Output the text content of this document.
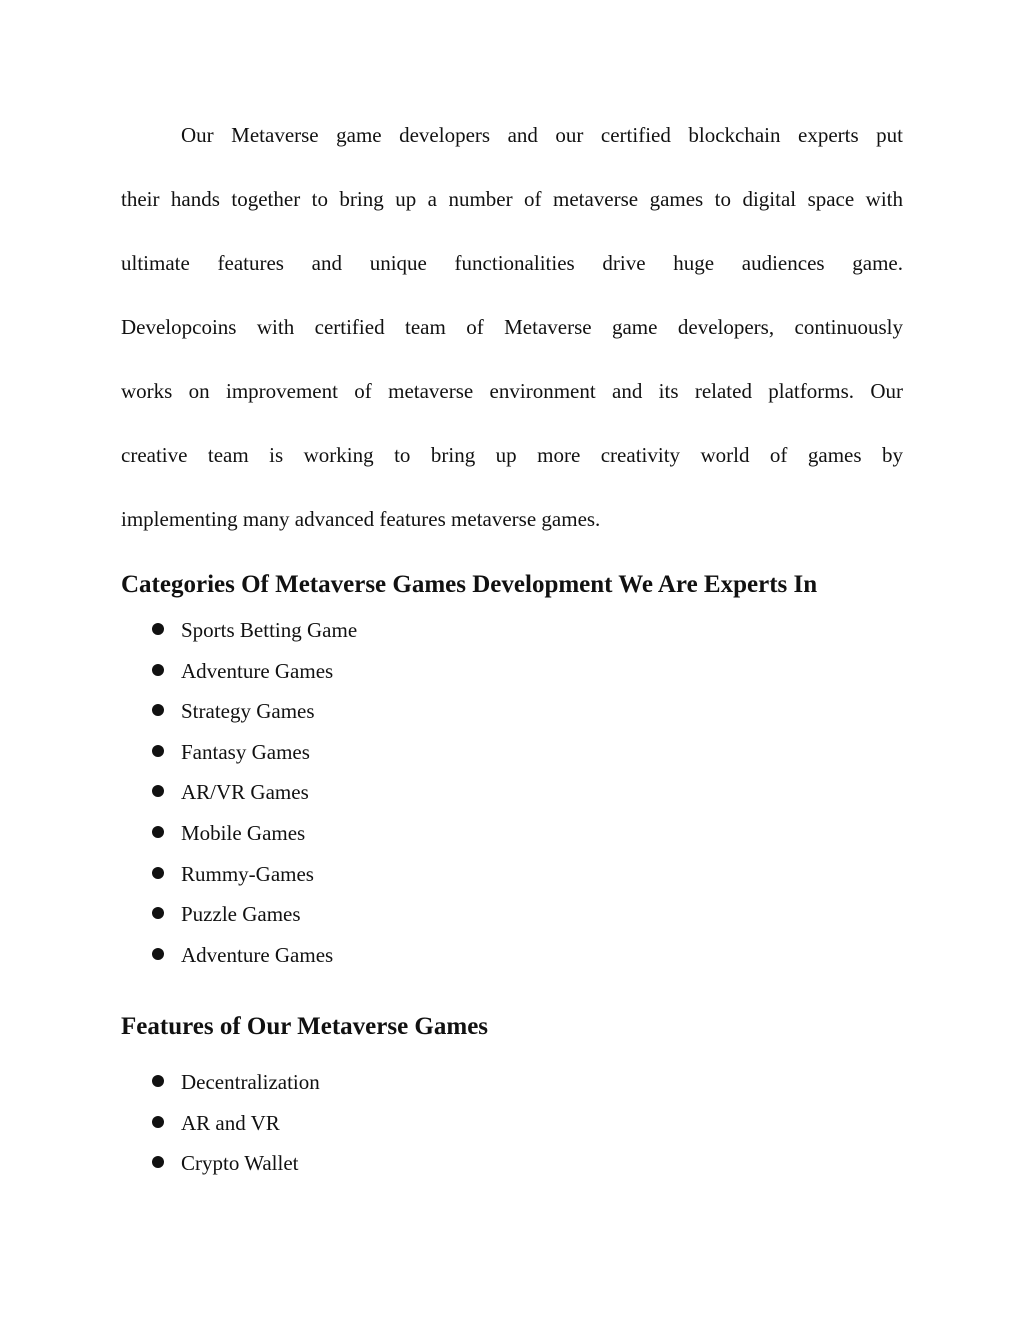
Our Metaverse game developers and our certified blockchain experts put
their hands together to bring up a number of metaverse games to digital space with
ultimate features and unique functionalities drive huge audiences game.
Developcoins with certified team of Metaverse game developers, continuously
works on improvement of metaverse environment and its related platforms. Our
creative team is working to bring up more creativity world of games by
implementing many advanced features metaverse games.
Categories Of Metaverse Games Development We Are Experts In
Sports Betting Game
Adventure Games
Strategy Games
Fantasy Games
AR/VR Games
Mobile Games
Rummy-Games
Puzzle Games
Adventure Games
Features of Our Metaverse Games
Decentralization
AR and VR
Crypto Wallet
